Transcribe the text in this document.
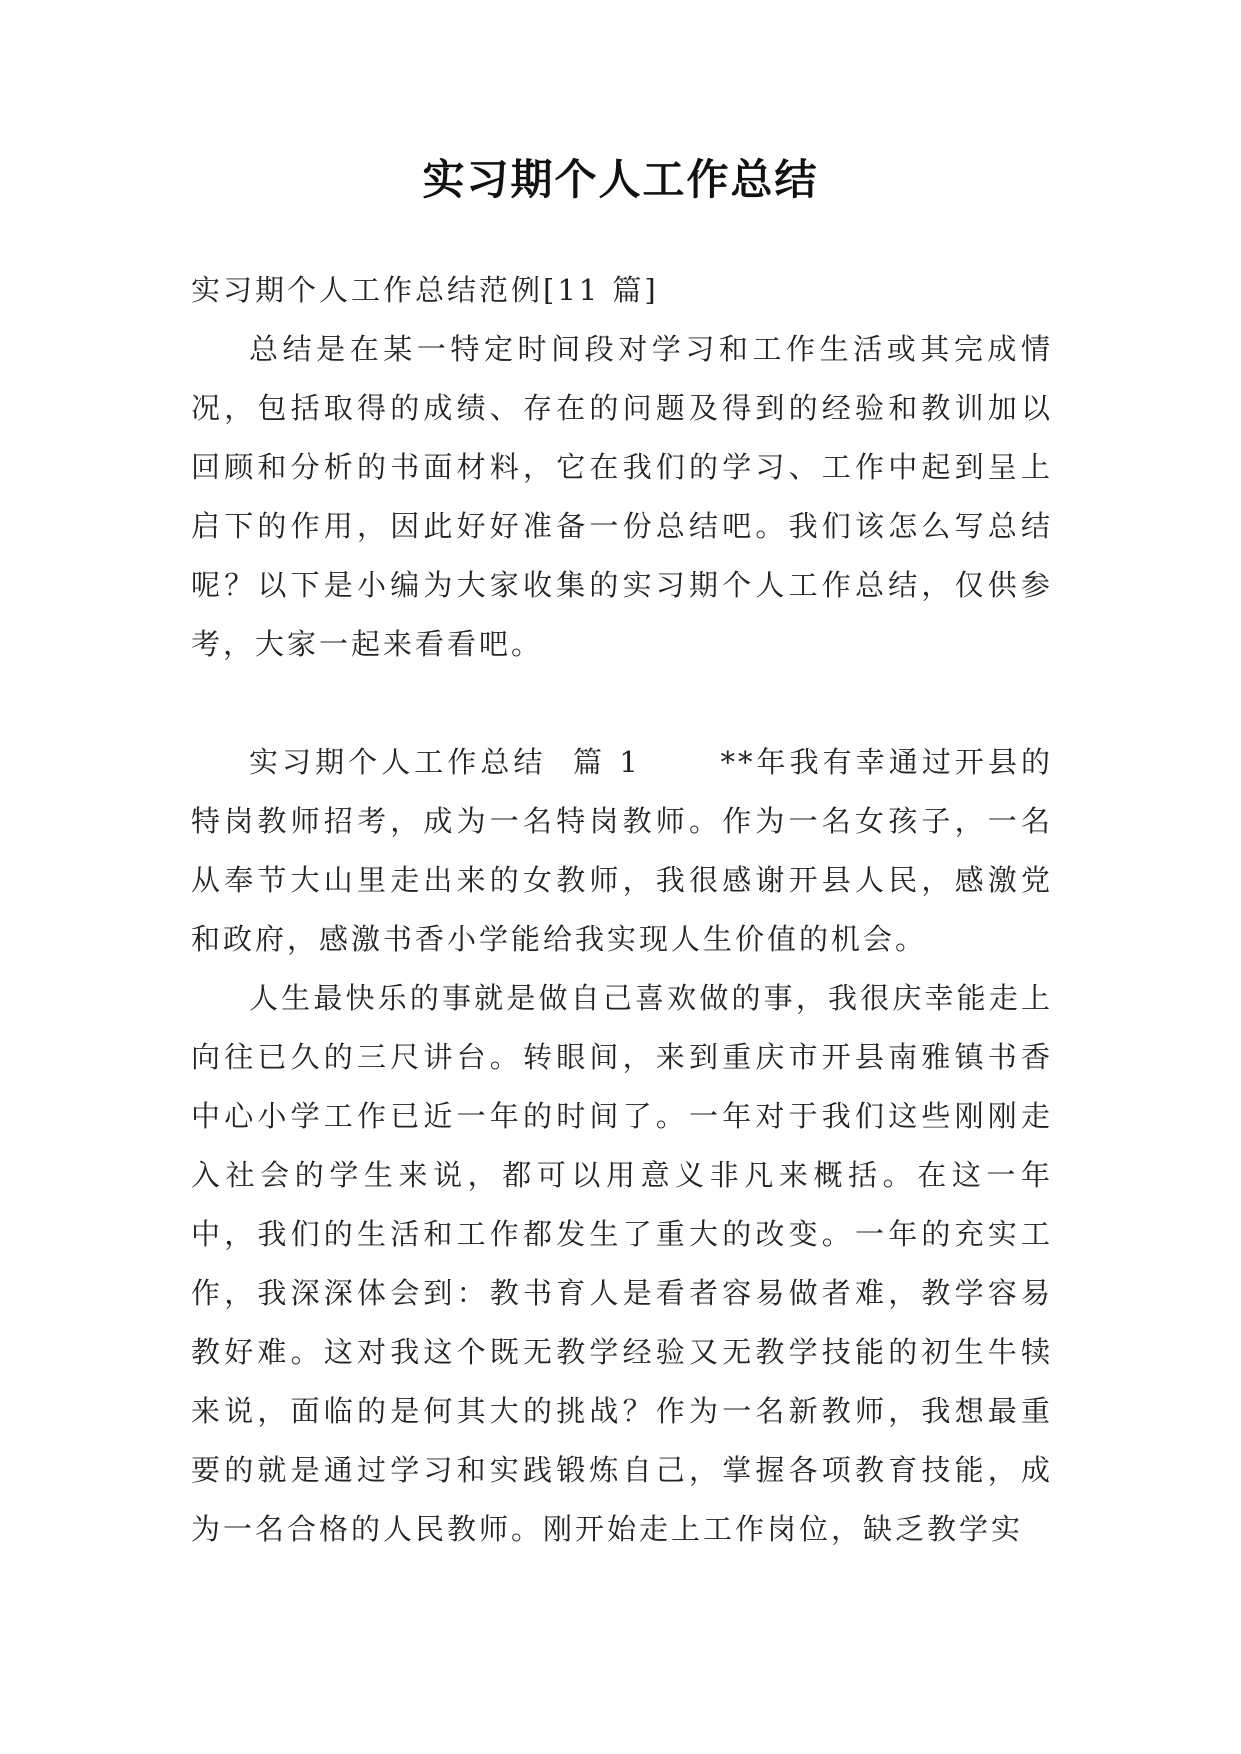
实习期个人工作总结

实习期个人工作总结范例[11 篇]

总结是在某一特定时间段对学习和工作生活或其完成情况，包括取得的成绩、存在的问题及得到的经验和教训加以回顾和分析的书面材料，它在我们的学习、工作中起到呈上启下的作用，因此好好准备一份总结吧。我们该怎么写总结呢？以下是小编为大家收集的实习期个人工作总结，仅供参考，大家一起来看看吧。

实习期个人工作总结  篇 1	**年我有幸通过开县的特岗教师招考，成为一名特岗教师。作为一名女孩子，一名从奉节大山里走出来的女教师，我很感谢开县人民，感激党和政府，感激书香小学能给我实现人生价值的机会。

人生最快乐的事就是做自己喜欢做的事，我很庆幸能走上向往已久的三尺讲台。转眼间，来到重庆市开县南雅镇书香中心小学工作已近一年的时间了。一年对于我们这些刚刚走入社会的学生来说，都可以用意义非凡来概括。在这一年中，我们的生活和工作都发生了重大的改变。一年的充实工作，我深深体会到：教书育人是看者容易做者难，教学容易教好难。这对我这个既无教学经验又无教学技能的初生牛犊来说，面临的是何其大的挑战？作为一名新教师，我想最重要的就是通过学习和实践锻炼自己，掌握各项教育技能，成为一名合格的人民教师。刚开始走上工作岗位，缺乏教学实
